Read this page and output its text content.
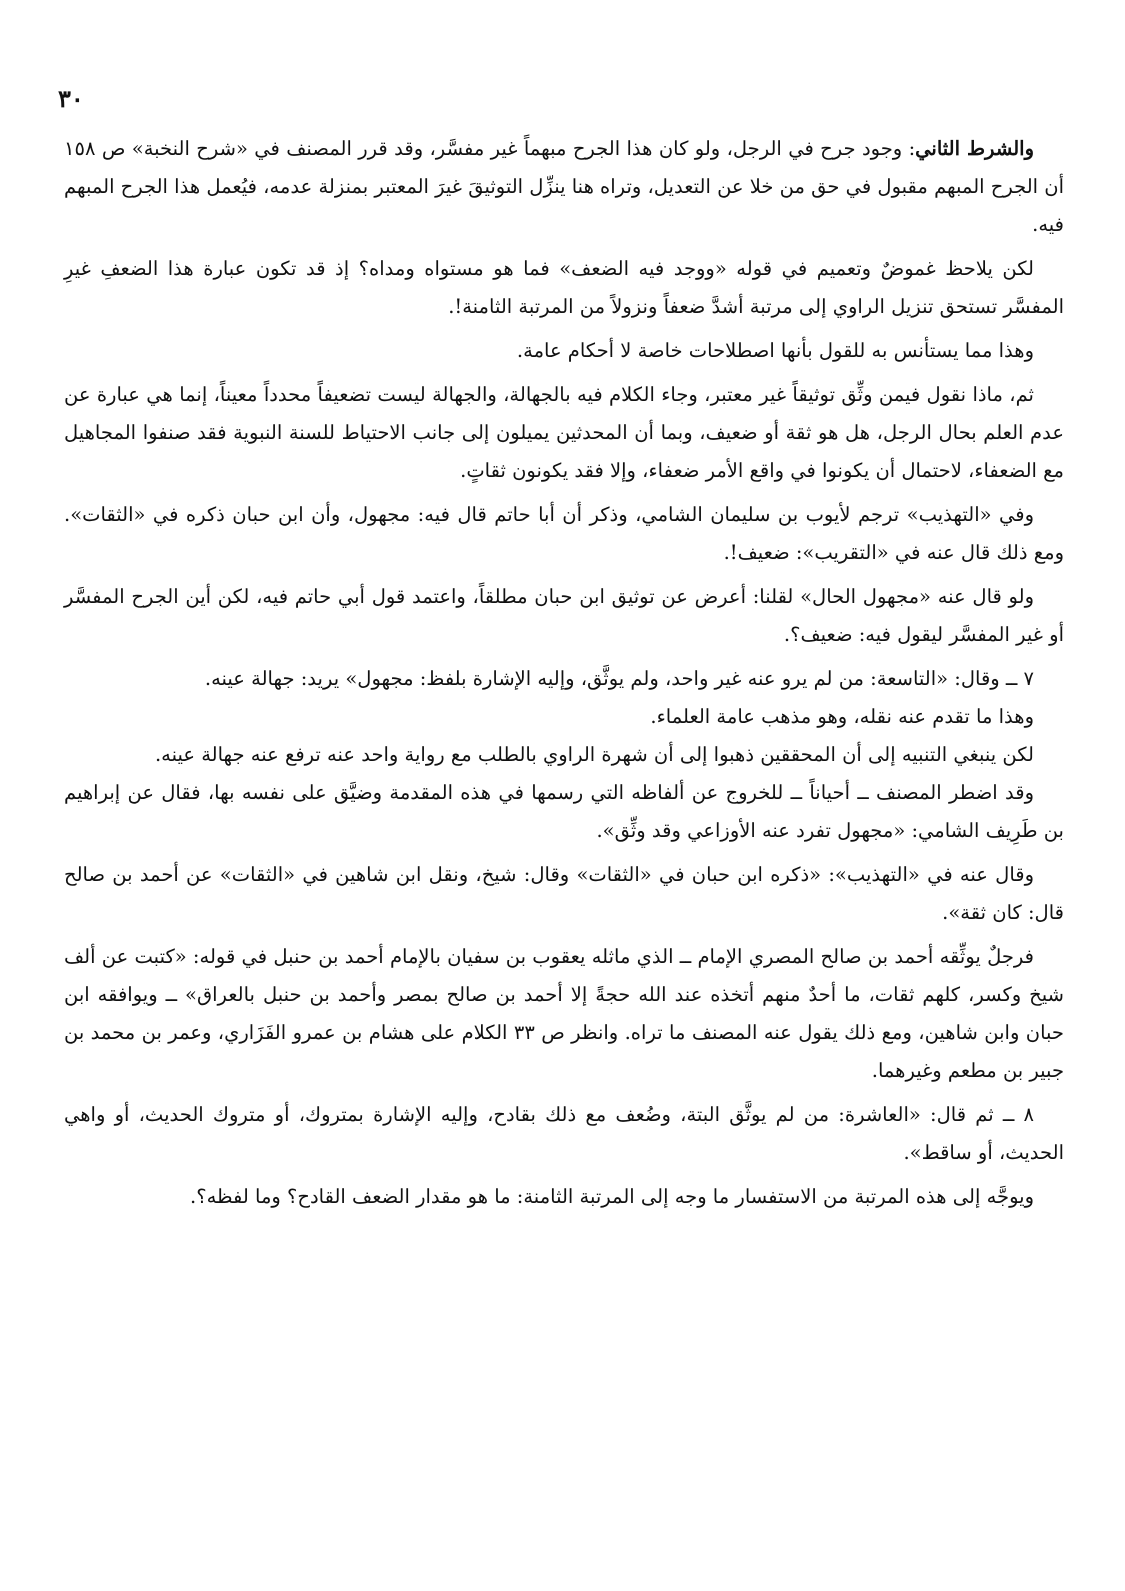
٣٠

والشرط الثاني: وجود جرح في الرجل، ولو كان هذا الجرح مبهماً غير مفسَّر، وقد قرر المصنف في «شرح النخبة» ص ١٥٨ أن الجرح المبهم مقبول في حق من خلا عن التعديل، وتراه هنا ينزِّل التوثيقَ غيرَ المعتبر بمنزلة عدمه، فيُعمل هذا الجرح المبهم فيه.

لكن يلاحظ غموضٌ وتعميم في قوله «ووجد فيه الضعف» فما هو مستواه ومداه؟ إذ قد تكون عبارة هذا الضعفِ غيرِ المفسَّر تستحق تنزيل الراوي إلى مرتبة أشدَّ ضعفاً ونزولاً من المرتبة الثامنة!.

وهذا مما يستأنس به للقول بأنها اصطلاحات خاصة لا أحكام عامة.

ثم، ماذا نقول فيمن وثِّق توثيقاً غير معتبر، وجاء الكلام فيه بالجهالة، والجهالة ليست تضعيفاً محدداً معيناً، إنما هي عبارة عن عدم العلم بحال الرجل، هل هو ثقة أو ضعيف، وبما أن المحدثين يميلون إلى جانب الاحتياط للسنة النبوية فقد صنفوا المجاهيل مع الضعفاء، لاحتمال أن يكونوا في واقع الأمر ضعفاء، وإلا فقد يكونون ثقاتٍ.

وفي «التهذيب» ترجم لأيوب بن سليمان الشامي، وذكر أن أبا حاتم قال فيه: مجهول، وأن ابن حبان ذكره في «الثقات». ومع ذلك قال عنه في «التقريب»: ضعيف!.

ولو قال عنه «مجهول الحال» لقلنا: أعرض عن توثيق ابن حبان مطلقاً، واعتمد قول أبي حاتم فيه، لكن أين الجرح المفسَّر أو غير المفسَّر ليقول فيه: ضعيف؟.

٧ ــ وقال: «التاسعة: من لم يرو عنه غير واحد، ولم يوثَّق، وإليه الإشارة بلفظ: مجهول» يريد: جهالة عينه.

وهذا ما تقدم عنه نقله، وهو مذهب عامة العلماء.

لكن ينبغي التنبيه إلى أن المحققين ذهبوا إلى أن شهرة الراوي بالطلب مع رواية واحد عنه ترفع عنه جهالة عينه.

وقد اضطر المصنف ــ أحياناً ــ للخروج عن ألفاظه التي رسمها في هذه المقدمة وضيَّق على نفسه بها، فقال عن إبراهيم بن طَرِيف الشامي: «مجهول تفرد عنه الأوزاعي وقد وثِّق».

وقال عنه في «التهذيب»: «ذكره ابن حبان في «الثقات» وقال: شيخ، ونقل ابن شاهين في «الثقات» عن أحمد بن صالح قال: كان ثقة».

فرجلٌ يوثِّقه أحمد بن صالح المصري الإمام ــ الذي ماثله يعقوب بن سفيان بالإمام أحمد بن حنبل في قوله: «كتبت عن ألف شيخ وكسر، كلهم ثقات، ما أحدٌ منهم أتخذه عند الله حجةً إلا أحمد بن صالح بمصر وأحمد بن حنبل بالعراق» ــ ويوافقه ابن حبان وابن شاهين، ومع ذلك يقول عنه المصنف ما تراه. وانظر ص ٣٣ الكلام على هشام بن عمرو الفَزَاري، وعمر بن محمد بن جبير بن مطعم وغيرهما.

٨ ــ ثم قال: «العاشرة: من لم يوثَّق البتة، وضُعف مع ذلك بقادح، وإليه الإشارة بمتروك، أو متروك الحديث، أو واهي الحديث، أو ساقط».

ويوجَّه إلى هذه المرتبة من الاستفسار ما وجه إلى المرتبة الثامنة: ما هو مقدار الضعف القادح؟ وما لفظه؟.
